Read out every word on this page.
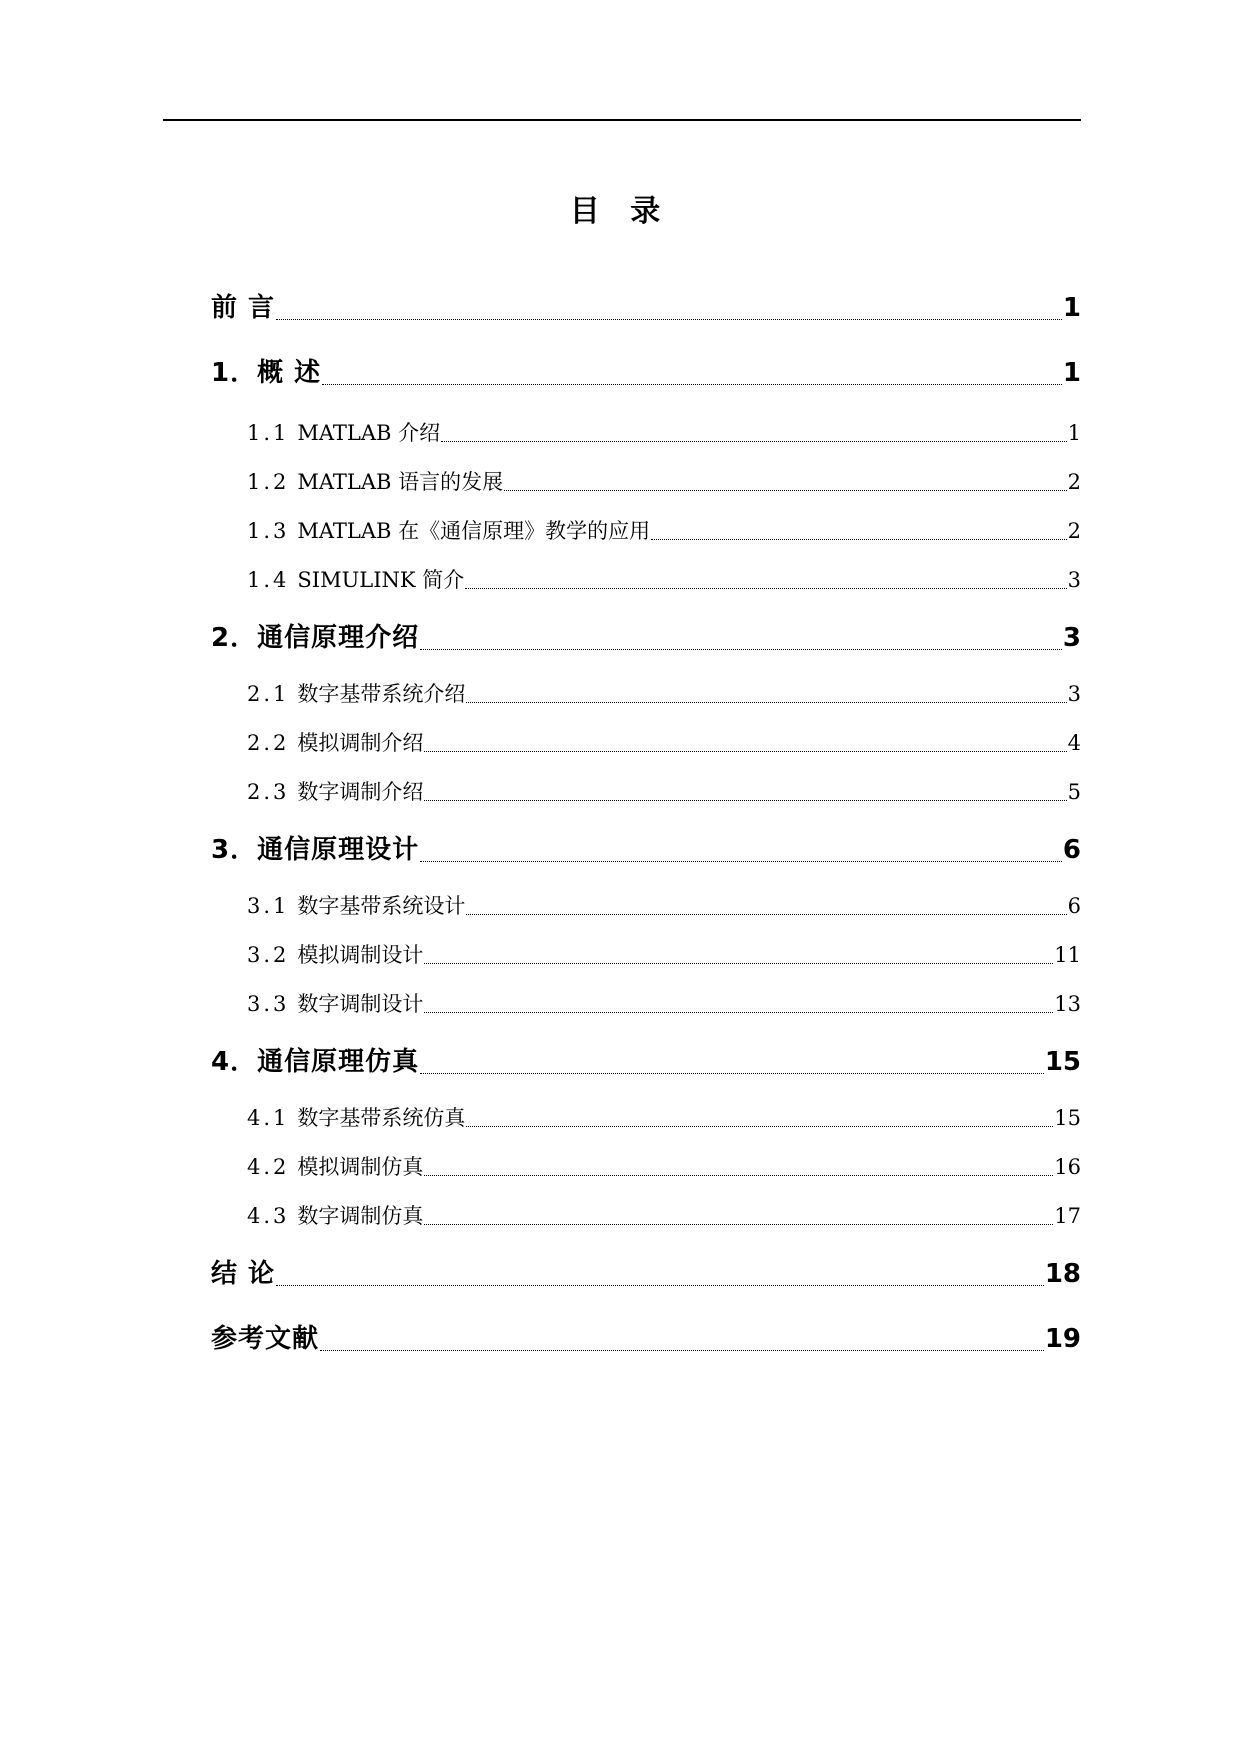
目 录
前 言	1
1．概 述	1
1.1 MATLAB 介绍	1
1.2 MATLAB 语言的发展	2
1.3 MATLAB 在《通信原理》教学的应用	2
1.4 SIMULINK 简介	3
2．通信原理介绍	3
2.1 数字基带系统介绍	3
2.2 模拟调制介绍	4
2.3 数字调制介绍	5
3．通信原理设计	6
3.1 数字基带系统设计	6
3.2 模拟调制设计	11
3.3 数字调制设计	13
4．通信原理仿真	15
4.1 数字基带系统仿真	15
4.2 模拟调制仿真	16
4.3 数字调制仿真	17
结 论	18
参考文献	19
